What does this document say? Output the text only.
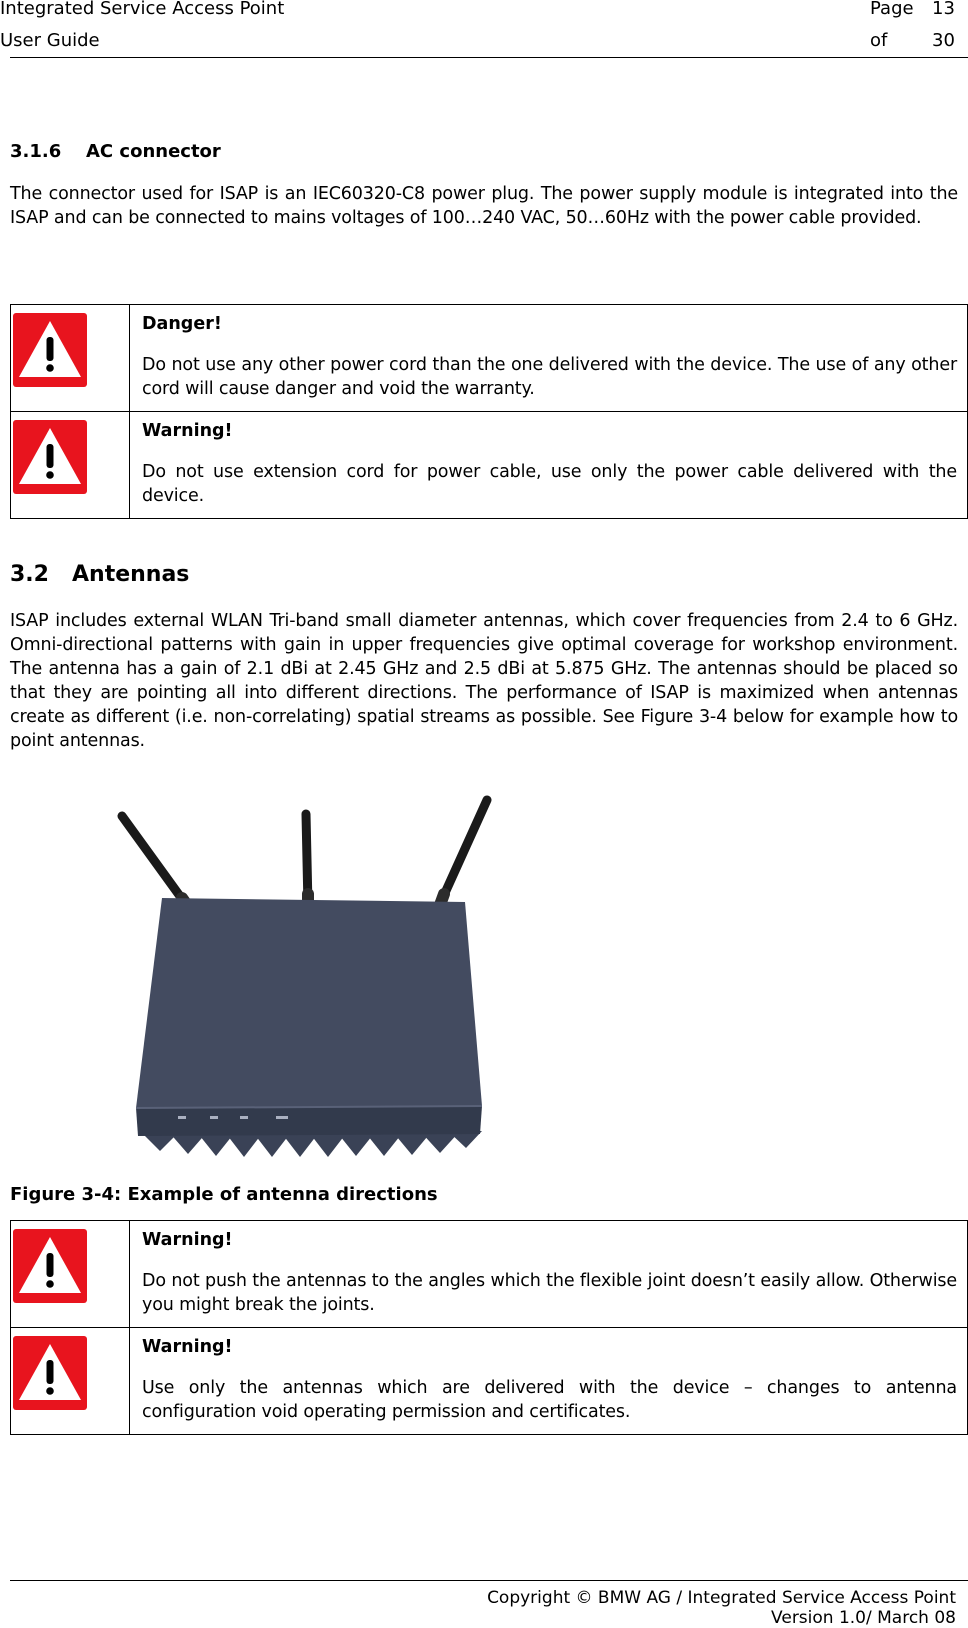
Integrated Service Access Point
User Guide
Page 13
of 30
3.1.6 AC connector
The connector used for ISAP is an IEC60320-C8 power plug. The power supply module is integrated into the ISAP and can be connected to mains voltages of 100…240 VAC, 50…60Hz with the power cable provided.

Danger!
Do not use any other power cord than the one delivered with the device. The use of any other cord will cause danger and void the warranty.

Warning!
Do not use extension cord for power cable, use only the power cable delivered with the device.
3.2 Antennas
ISAP includes external WLAN Tri-band small diameter antennas, which cover frequencies from 2.4 to 6 GHz. Omni-directional patterns with gain in upper frequencies give optimal coverage for workshop environment. The antenna has a gain of 2.1 dBi at 2.45 GHz and 2.5 dBi at 5.875 GHz. The antennas should be placed so that they are pointing all into different directions. The performance of ISAP is maximized when antennas create as different (i.e. non-correlating) spatial streams as possible. See Figure 3-4 below for example how to point antennas.
Figure 3-4: Example of antenna directions

Warning!
Do not push the antennas to the angles which the flexible joint doesn’t easily allow. Otherwise you might break the joints.

Warning!
Use only the antennas which are delivered with the device – changes to antenna configuration void operating permission and certificates.
Copyright © BMW AG / Integrated Service Access Point
Version 1.0/ March 08
